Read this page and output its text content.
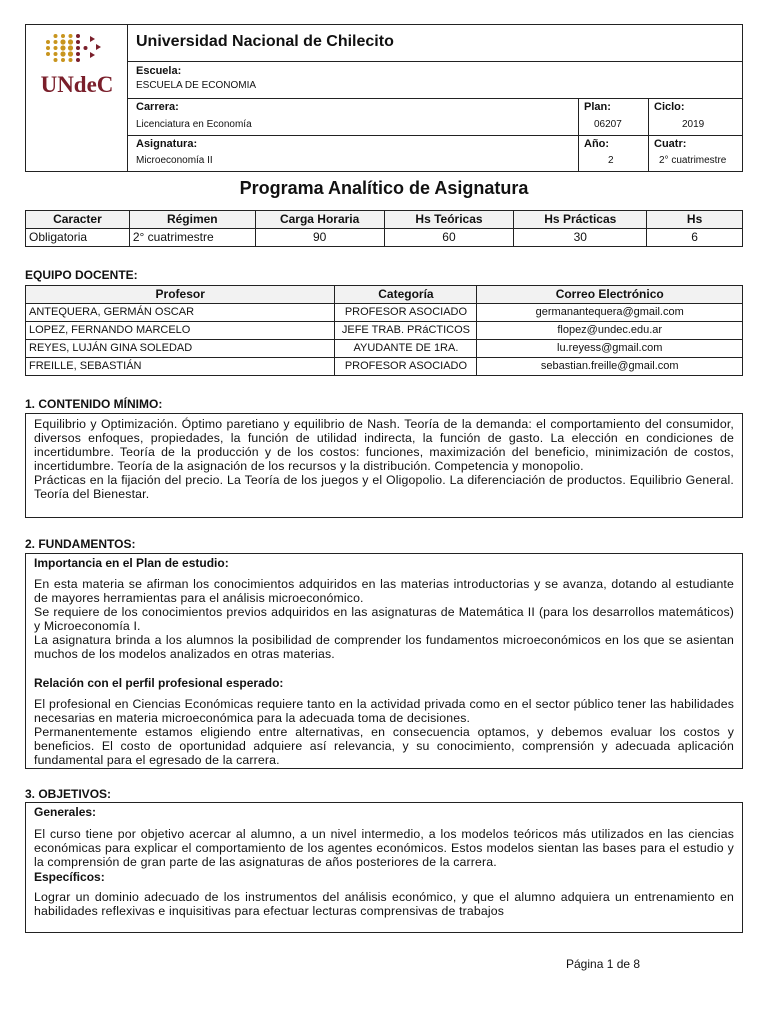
UNdeC
Universidad Nacional de Chilecito
Escuela:
ESCUELA DE ECONOMIA
Carrera:
Licenciatura en Economía
Plan:
06207
Ciclo:
2019
Asignatura:
Microeconomía II
Año:
2
Cuatr:
2° cuatrimestre
Programa Analítico de Asignatura
Caracter	Régimen	Carga Horaria	Hs Teóricas	Hs Prácticas	Hs
Obligatoria	2° cuatrimestre	90	60	30	6
EQUIPO DOCENTE:
Profesor	Categoría	Correo Electrónico
ANTEQUERA, GERMÁN OSCAR	PROFESOR ASOCIADO	germanantequera@gmail.com
LOPEZ, FERNANDO MARCELO	JEFE TRAB. PRáCTICOS	flopez@undec.edu.ar
REYES, LUJÁN GINA SOLEDAD	AYUDANTE DE 1RA.	lu.reyess@gmail.com
FREILLE, SEBASTIÁN	PROFESOR ASOCIADO	sebastian.freille@gmail.com
1. CONTENIDO MÍNIMO:

Equilibrio y Optimización. Óptimo paretiano y equilibrio de Nash. Teoría de la demanda: el comportamiento del consumidor, diversos enfoques, propiedades, la función de utilidad indirecta, la función de gasto. La elección en condiciones de incertidumbre. Teoría de la producción y de los costos: funciones, maximización del beneficio, minimización de costos, incertidumbre. Teoría de la asignación de los recursos y la distribución. Competencia y monopolio.

Prácticas en la fijación del precio. La Teoría de los juegos y el Oligopolio. La diferenciación de productos. Equilibrio General. Teoría del Bienestar.

2. FUNDAMENTOS:

Importancia en el Plan de estudio:

En esta materia se afirman los conocimientos adquiridos en las materias introductorias y se avanza, dotando al estudiante de mayores herramientas para el análisis microeconómico.

Se requiere de los conocimientos previos adquiridos en las asignaturas de Matemática II (para los desarrollos matemáticos) y Microeconomía I.

La asignatura brinda a los alumnos la posibilidad de comprender los fundamentos microeconómicos en los que se asientan muchos de los modelos analizados en otras materias.

Relación con el perfil profesional esperado:

El profesional en Ciencias Económicas requiere tanto en la actividad privada como en el sector público tener las habilidades necesarias en materia microeconómica para la adecuada toma de decisiones.

Permanentemente estamos eligiendo entre alternativas, en consecuencia optamos, y debemos evaluar los costos y beneficios. El costo de oportunidad adquiere así relevancia, y su conocimiento, comprensión y adecuada aplicación fundamental para el egresado de la carrera.

3. OBJETIVOS:

Generales:

El curso tiene por objetivo acercar al alumno, a un nivel intermedio, a los modelos teóricos más utilizados en las ciencias económicas para explicar el comportamiento de los agentes económicos. Estos modelos sientan las bases para el estudio y la comprensión de gran parte de las asignaturas de años posteriores de la carrera.

Específicos:

Lograr un dominio adecuado de los instrumentos del análisis económico, y que el alumno adquiera un entrenamiento en habilidades reflexivas e inquisitivas para efectuar lecturas comprensivas de trabajos

Página 1 de 8
